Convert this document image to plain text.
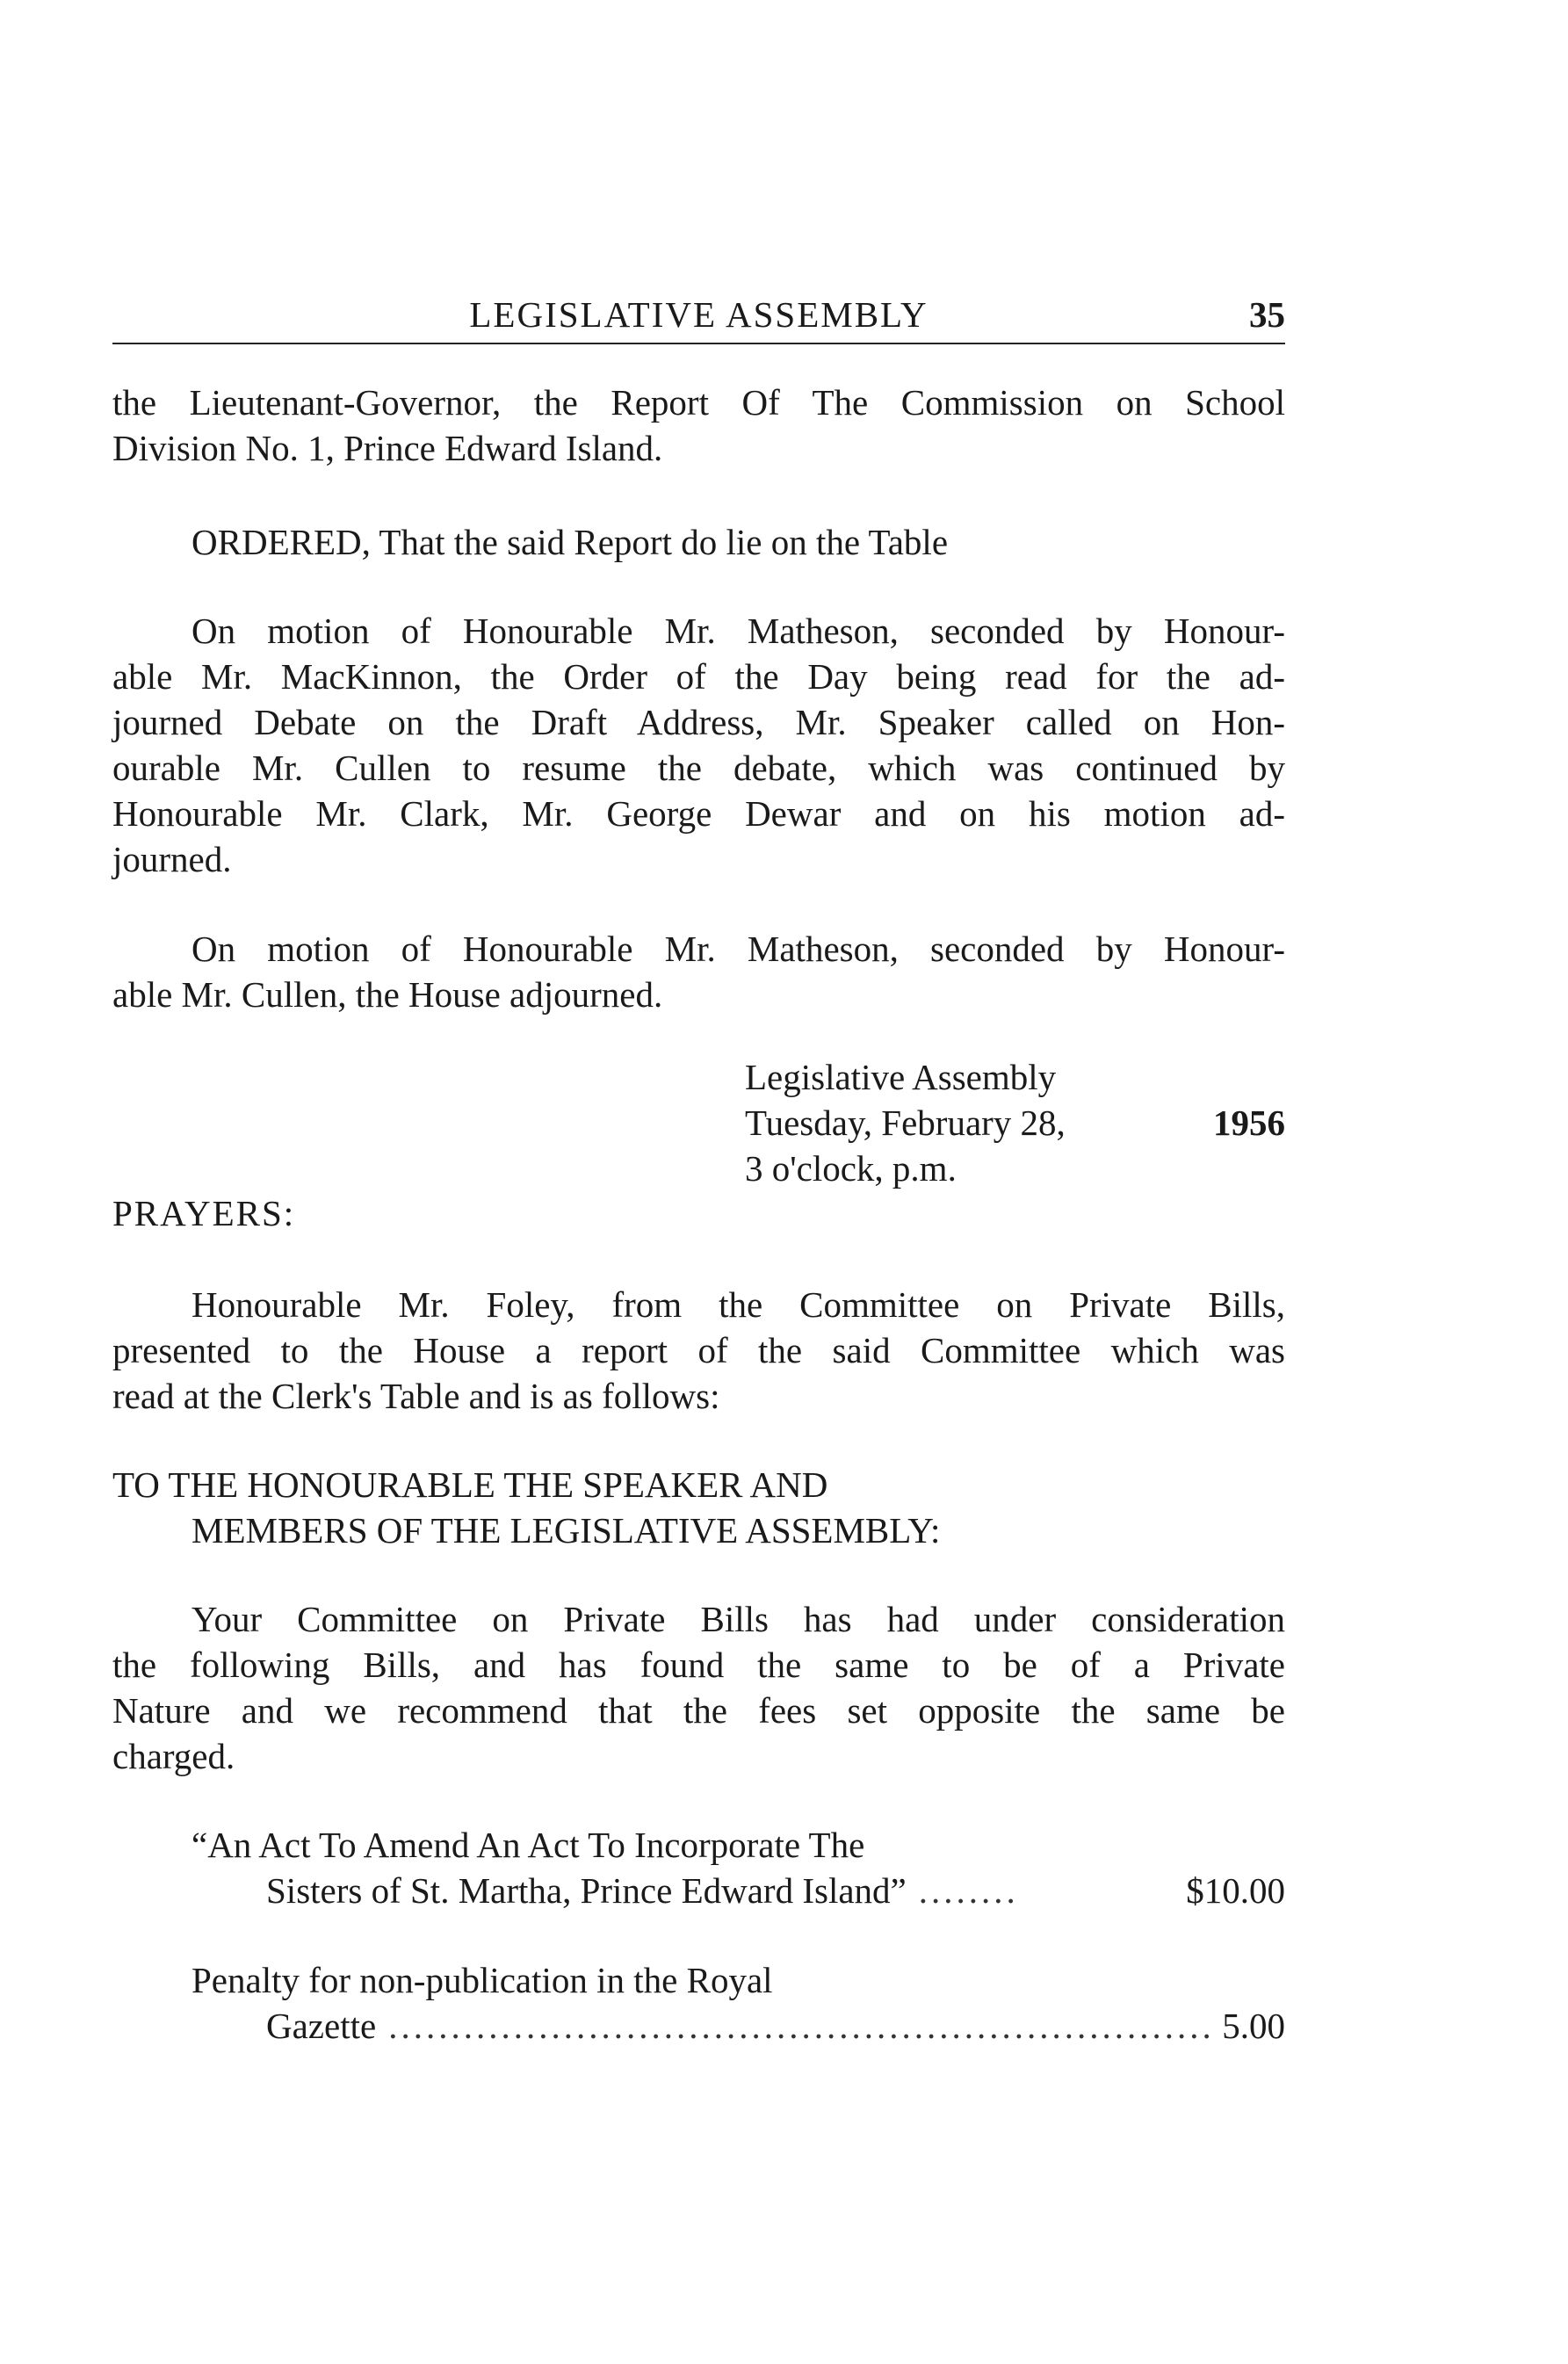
LEGISLATIVE ASSEMBLY	35
the Lieutenant-Governor, the Report Of The Commission on School
Division No. 1, Prince Edward Island.
ORDERED, That the said Report do lie on the Table
On motion of Honourable Mr. Matheson, seconded by Honour-
able Mr. MacKinnon, the Order of the Day being read for the ad-
journed Debate on the Draft Address, Mr. Speaker called on Hon-
ourable Mr. Cullen to resume the debate, which was continued by
Honourable Mr. Clark, Mr. George Dewar and on his motion ad-
journed.
On motion of Honourable Mr. Matheson, seconded by Honour-
able Mr. Cullen, the House adjourned.
Legislative Assembly
Tuesday, February 28,	1956
3 o'clock, p.m.
PRAYERS:
Honourable Mr. Foley, from the Committee on Private Bills,
presented to the House a report of the said Committee which was
read at the Clerk's Table and is as follows:
TO THE HONOURABLE THE SPEAKER AND
MEMBERS OF THE LEGISLATIVE ASSEMBLY:
Your Committee on Private Bills has had under consideration
the following Bills, and has found the same to be of a Private
Nature and we recommend that the fees set opposite the same be
charged.
“An Act To Amend An Act To Incorporate The
Sisters of St. Martha, Prince Edward Island” .....	$10.00
Penalty for non-publication in the Royal
Gazette .....	5.00
